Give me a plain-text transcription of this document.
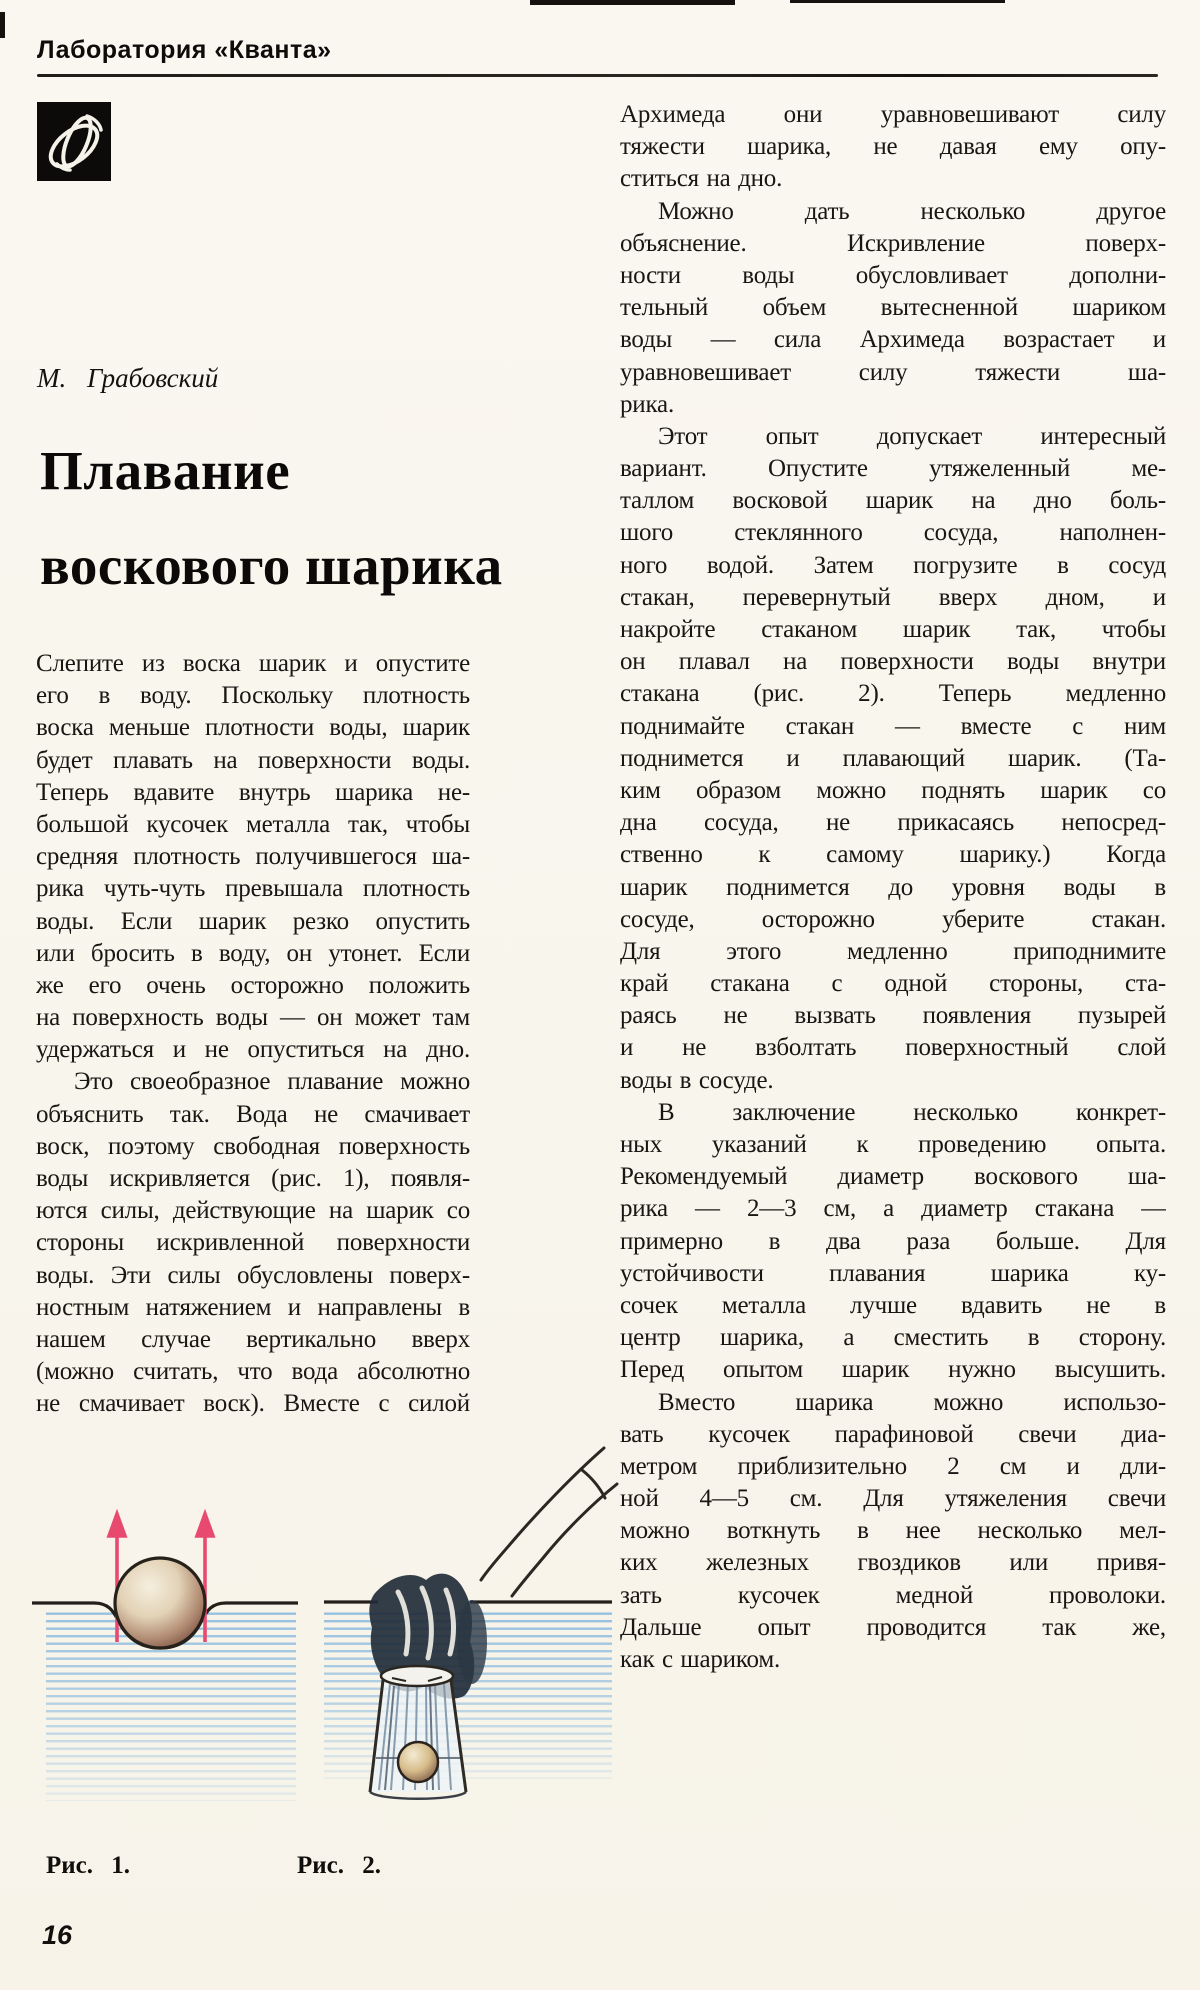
Лаборатория «Кванта»
М. Грабовский
Плавание
воскового шарика
Слепите из воска шарик и опустите
его в воду. Поскольку плотность
воска меньше плотности воды, шарик
будет плавать на поверхности воды.
Теперь вдавите внутрь шарика не-
большой кусочек металла так, чтобы
средняя плотность получившегося ша-
рика чуть-чуть превышала плотность
воды. Если шарик резко опустить
или бросить в воду, он утонет. Если
же его очень осторожно положить
на поверхность воды — он может там
удержаться и не опуститься на дно.
Это своеобразное плавание можно
объяснить так. Вода не смачивает
воск, поэтому свободная поверхность
воды искривляется (рис. 1), появля-
ются силы, действующие на шарик со
стороны искривленной поверхности
воды. Эти силы обусловлены поверх-
ностным натяжением и направлены в
нашем случае вертикально вверх
(можно считать, что вода абсолютно
не смачивает воск). Вместе с силой
Архимеда они уравновешивают силу
тяжести шарика, не давая ему опу-
ститься на дно.
Можно дать несколько другое
объяснение. Искривление поверх-
ности воды обусловливает дополни-
тельный объем вытесненной шариком
воды — сила Архимеда возрастает и
уравновешивает силу тяжести ша-
рика.
Этот опыт допускает интересный
вариант. Опустите утяжеленный ме-
таллом восковой шарик на дно боль-
шого стеклянного сосуда, наполнен-
ного водой. Затем погрузите в сосуд
стакан, перевернутый вверх дном, и
накройте стаканом шарик так, чтобы
он плавал на поверхности воды внутри
стакана (рис. 2). Теперь медленно
поднимайте стакан — вместе с ним
поднимется и плавающий шарик. (Та-
ким образом можно поднять шарик со
дна сосуда, не прикасаясь непосред-
ственно к самому шарику.) Когда
шарик поднимется до уровня воды в
сосуде, осторожно уберите стакан.
Для этого медленно приподнимите
край стакана с одной стороны, ста-
раясь не вызвать появления пузырей
и не взболтать поверхностный слой
воды в сосуде.
В заключение несколько конкрет-
ных указаний к проведению опыта.
Рекомендуемый диаметр воскового ша-
рика — 2—3 см, а диаметр стакана —
примерно в два раза больше. Для
устойчивости плавания шарика ку-
сочек металла лучше вдавить не в
центр шарика, а сместить в сторону.
Перед опытом шарик нужно высушить.
Вместо шарика можно использо-
вать кусочек парафиновой свечи диа-
метром приблизительно 2 см и дли-
ной 4—5 см. Для утяжеления свечи
можно воткнуть в нее несколько мел-
ких железных гвоздиков или привя-
зать кусочек медной проволоки.
Дальше опыт проводится так же,
как с шариком.
Рис. 1.	Рис. 2.
16
